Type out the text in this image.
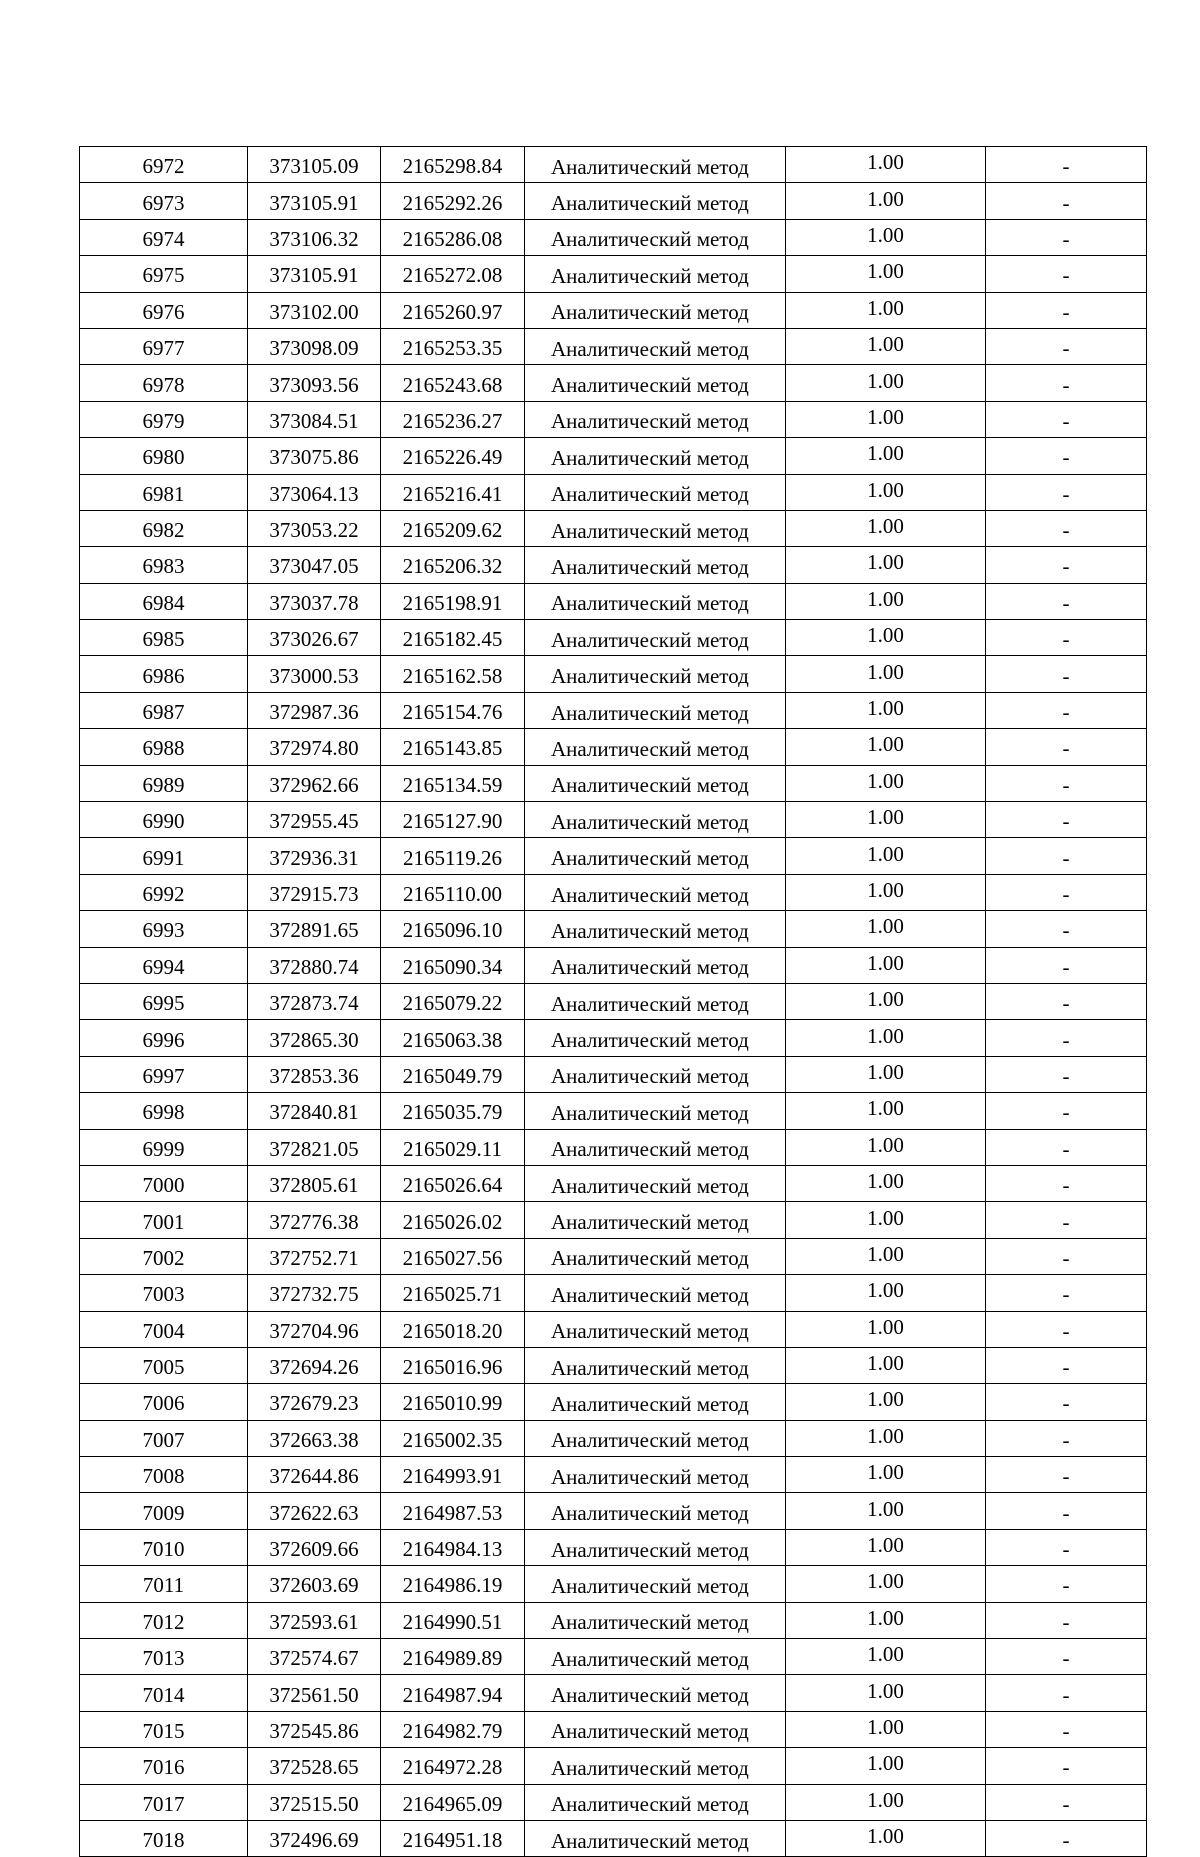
6972	373105.09	2165298.84	Аналитический метод	1.00	-
6973	373105.91	2165292.26	Аналитический метод	1.00	-
6974	373106.32	2165286.08	Аналитический метод	1.00	-
6975	373105.91	2165272.08	Аналитический метод	1.00	-
6976	373102.00	2165260.97	Аналитический метод	1.00	-
6977	373098.09	2165253.35	Аналитический метод	1.00	-
6978	373093.56	2165243.68	Аналитический метод	1.00	-
6979	373084.51	2165236.27	Аналитический метод	1.00	-
6980	373075.86	2165226.49	Аналитический метод	1.00	-
6981	373064.13	2165216.41	Аналитический метод	1.00	-
6982	373053.22	2165209.62	Аналитический метод	1.00	-
6983	373047.05	2165206.32	Аналитический метод	1.00	-
6984	373037.78	2165198.91	Аналитический метод	1.00	-
6985	373026.67	2165182.45	Аналитический метод	1.00	-
6986	373000.53	2165162.58	Аналитический метод	1.00	-
6987	372987.36	2165154.76	Аналитический метод	1.00	-
6988	372974.80	2165143.85	Аналитический метод	1.00	-
6989	372962.66	2165134.59	Аналитический метод	1.00	-
6990	372955.45	2165127.90	Аналитический метод	1.00	-
6991	372936.31	2165119.26	Аналитический метод	1.00	-
6992	372915.73	2165110.00	Аналитический метод	1.00	-
6993	372891.65	2165096.10	Аналитический метод	1.00	-
6994	372880.74	2165090.34	Аналитический метод	1.00	-
6995	372873.74	2165079.22	Аналитический метод	1.00	-
6996	372865.30	2165063.38	Аналитический метод	1.00	-
6997	372853.36	2165049.79	Аналитический метод	1.00	-
6998	372840.81	2165035.79	Аналитический метод	1.00	-
6999	372821.05	2165029.11	Аналитический метод	1.00	-
7000	372805.61	2165026.64	Аналитический метод	1.00	-
7001	372776.38	2165026.02	Аналитический метод	1.00	-
7002	372752.71	2165027.56	Аналитический метод	1.00	-
7003	372732.75	2165025.71	Аналитический метод	1.00	-
7004	372704.96	2165018.20	Аналитический метод	1.00	-
7005	372694.26	2165016.96	Аналитический метод	1.00	-
7006	372679.23	2165010.99	Аналитический метод	1.00	-
7007	372663.38	2165002.35	Аналитический метод	1.00	-
7008	372644.86	2164993.91	Аналитический метод	1.00	-
7009	372622.63	2164987.53	Аналитический метод	1.00	-
7010	372609.66	2164984.13	Аналитический метод	1.00	-
7011	372603.69	2164986.19	Аналитический метод	1.00	-
7012	372593.61	2164990.51	Аналитический метод	1.00	-
7013	372574.67	2164989.89	Аналитический метод	1.00	-
7014	372561.50	2164987.94	Аналитический метод	1.00	-
7015	372545.86	2164982.79	Аналитический метод	1.00	-
7016	372528.65	2164972.28	Аналитический метод	1.00	-
7017	372515.50	2164965.09	Аналитический метод	1.00	-
7018	372496.69	2164951.18	Аналитический метод	1.00	-
